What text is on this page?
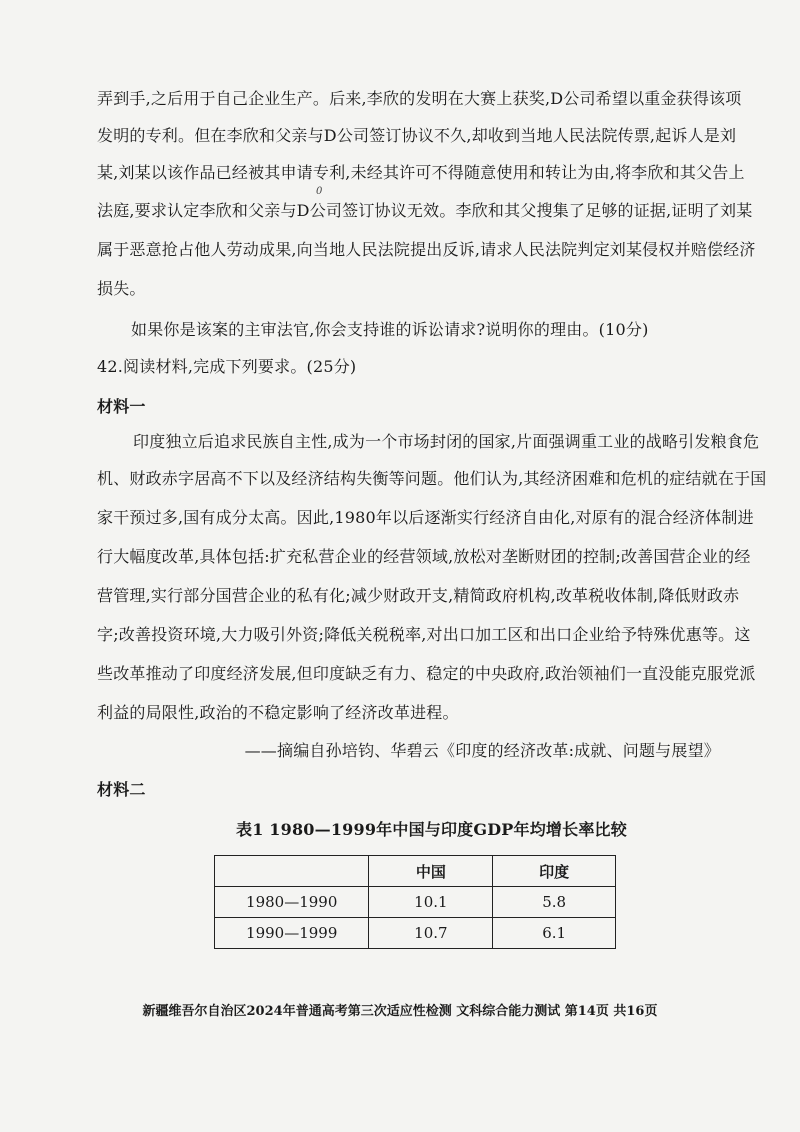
弄到手,之后用于自己企业生产。后来,李欣的发明在大赛上获奖,D公司希望以重金获得该项
发明的专利。但在李欣和父亲与D公司签订协议不久,却收到当地人民法院传票,起诉人是刘
某,刘某以该作品已经被其申请专利,未经其许可不得随意使用和转让为由,将李欣和其父告上
0
法庭,要求认定李欣和父亲与D公司签订协议无效。李欣和其父搜集了足够的证据,证明了刘某
属于恶意抢占他人劳动成果,向当地人民法院提出反诉,请求人民法院判定刘某侵权并赔偿经济
损失。
如果你是该案的主审法官,你会支持谁的诉讼请求?说明你的理由。(10分)
42.阅读材料,完成下列要求。(25分)
材料一
印度独立后追求民族自主性,成为一个市场封闭的国家,片面强调重工业的战略引发粮食危
机、财政赤字居高不下以及经济结构失衡等问题。他们认为,其经济困难和危机的症结就在于国
家干预过多,国有成分太高。因此,1980年以后逐渐实行经济自由化,对原有的混合经济体制进
行大幅度改革,具体包括:扩充私营企业的经营领域,放松对垄断财团的控制;改善国营企业的经
营管理,实行部分国营企业的私有化;减少财政开支,精简政府机构,改革税收体制,降低财政赤
字;改善投资环境,大力吸引外资;降低关税税率,对出口加工区和出口企业给予特殊优惠等。这
些改革推动了印度经济发展,但印度缺乏有力、稳定的中央政府,政治领袖们一直没能克服党派
利益的局限性,政治的不稳定影响了经济改革进程。
——摘编自孙培钧、华碧云《印度的经济改革:成就、问题与展望》
材料二
表1 1980—1999年中国与印度GDP年均增长率比较
	中国	印度
1980—1990	10.1	5.8
1990—1999	10.7	6.1
新疆维吾尔自治区2024年普通高考第三次适应性检测 文科综合能力测试 第14页 共16页
